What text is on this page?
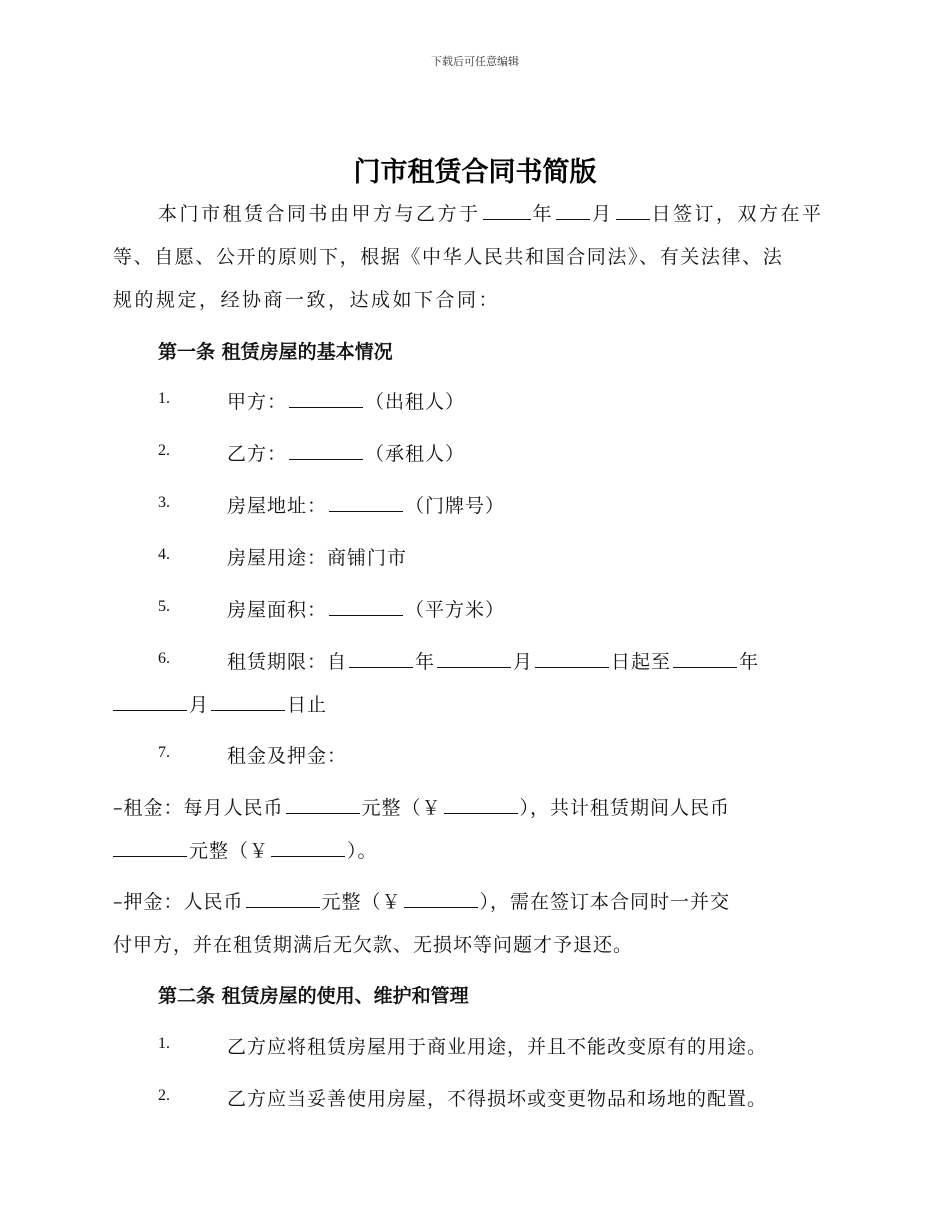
下载后可任意编辑
门市租赁合同书简版
本门市租赁合同书由甲方与乙方于	年 月 日签订，双方在平
等、自愿、公开的原则下，根据《中华人民共和国合同法》、有关法律、法
规的规定，经协商一致，达成如下合同：
第一条 租赁房屋的基本情况
1.	甲方：	（出租人）
2.	乙方：	（承租人）
3.	房屋地址：	（门牌号）
4.	房屋用途：商铺门市
5.	房屋面积：	（平方米）
6.	租赁期限：自	年	月	日起至	年
月	日止
7.	租金及押金：
–租金：每月人民币	元整（￥	），共计租赁期间人民币
元整（￥	）。
–押金：人民币	元整（￥	），需在签订本合同时一并交
付甲方，并在租赁期满后无欠款、无损坏等问题才予退还。
第二条 租赁房屋的使用、维护和管理
1.	乙方应将租赁房屋用于商业用途，并且不能改变原有的用途。
2.	乙方应当妥善使用房屋，不得损坏或变更物品和场地的配置。
